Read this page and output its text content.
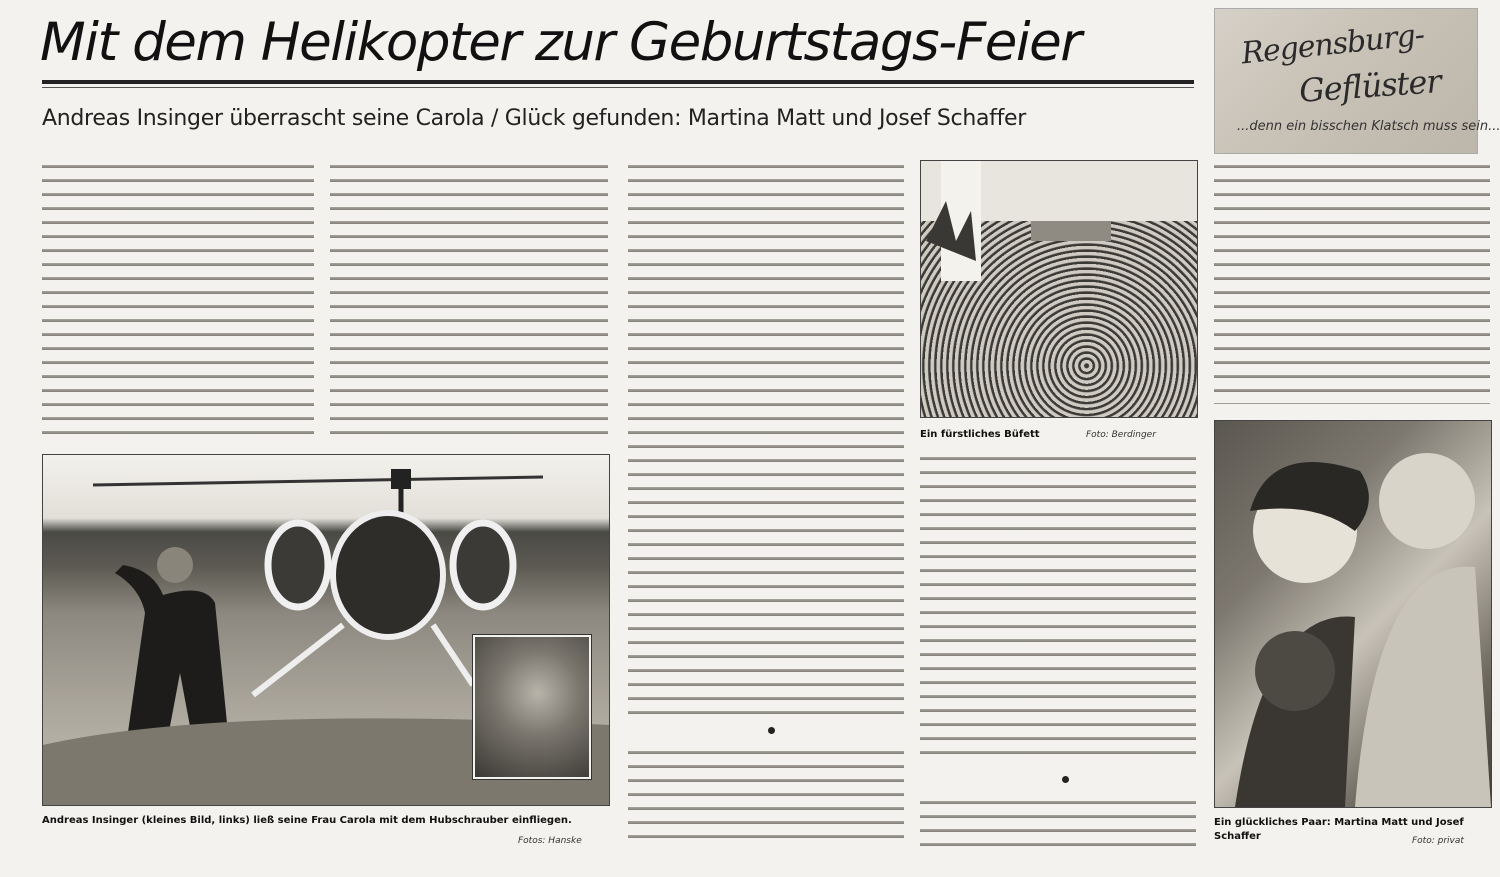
Mit dem Helikopter zur Geburtstags-Feier
Andreas Insinger überrascht seine Carola / Glück gefunden: Martina Matt und Josef Schaffer
Regensburg-
Geflüster
...denn ein bisschen Klatsch muss sein...
Andreas Insinger (kleines Bild, links) ließ seine Frau Carola mit dem Hubschrauber einfliegen.
Fotos: Hanske
Ein fürstliches Büfett	Foto: Berdinger
Ein glückliches Paar: Martina Matt und Josef Schaffer	Foto: privat
